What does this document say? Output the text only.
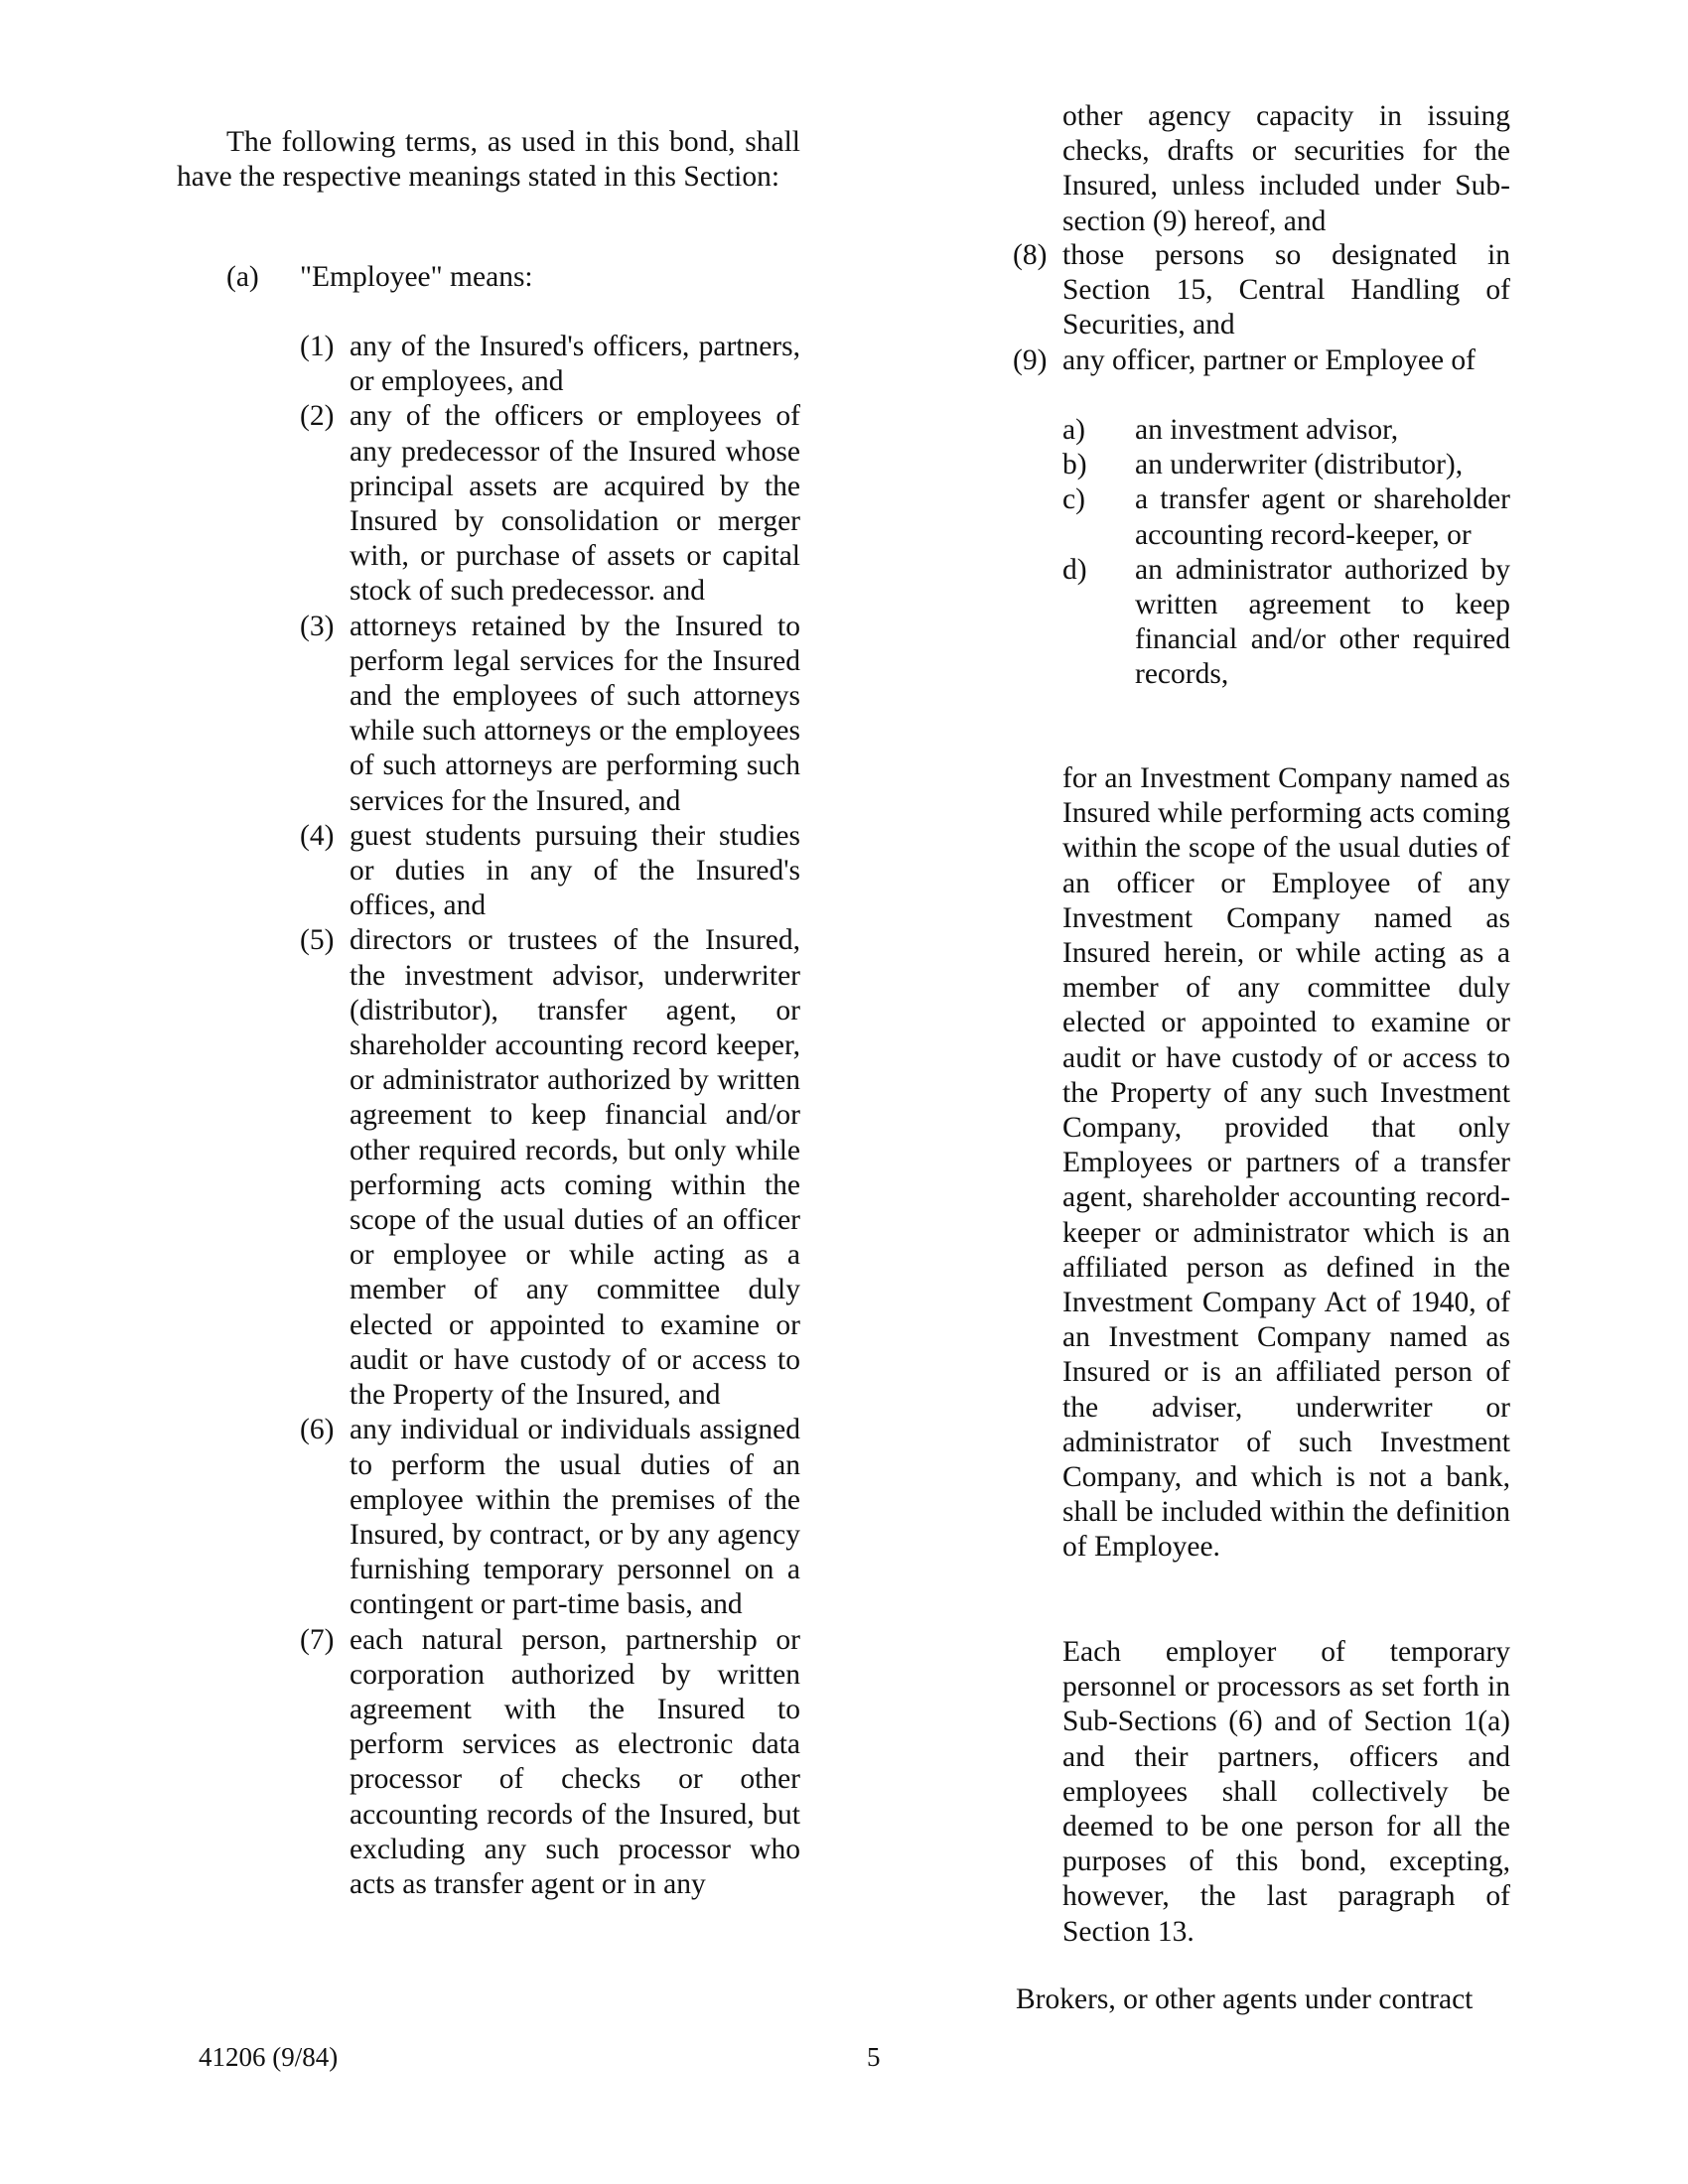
The following terms, as used in this bond, shall have the respective meanings stated in this Section:

(a) "Employee" means:
(1) any of the Insured's officers, partners, or employees, and
(2) any of the officers or employees of any predecessor of the Insured whose principal assets are acquired by the Insured by consolidation or merger with, or purchase of assets or capital stock of such predecessor. and
(3) attorneys retained by the Insured to perform legal services for the Insured and the employees of such attorneys while such attorneys or the employees of such attorneys are performing such services for the Insured, and
(4) guest students pursuing their studies or duties in any of the Insured's offices, and
(5) directors or trustees of the Insured, the investment advisor, underwriter (distributor), transfer agent, or shareholder accounting record keeper, or administrator authorized by written agreement to keep financial and/or other required records, but only while performing acts coming within the scope of the usual duties of an officer or employee or while acting as a member of any committee duly elected or appointed to examine or audit or have custody of or access to the Property of the Insured, and
(6) any individual or individuals assigned to perform the usual duties of an employee within the premises of the Insured, by contract, or by any agency furnishing temporary personnel on a contingent or part-time basis, and
(7) each natural person, partnership or corporation authorized by written agreement with the Insured to perform services as electronic data processor of checks or other accounting records of the Insured, but excluding any such processor who acts as transfer agent or in any

other agency capacity in issuing checks, drafts or securities for the Insured, unless included under Sub-section (9) hereof, and

(8) those persons so designated in Section 15, Central Handling of Securities, and
(9) any officer, partner or Employee of
a) an investment advisor,
b) an underwriter (distributor),
c) a transfer agent or shareholder accounting record-keeper, or
d) an administrator authorized by written agreement to keep financial and/or other required records,

for an Investment Company named as Insured while performing acts coming within the scope of the usual duties of an officer or Employee of any Investment Company named as Insured herein, or while acting as a member of any committee duly elected or appointed to examine or audit or have custody of or access to the Property of any such Investment Company, provided that only Employees or partners of a transfer agent, shareholder accounting record-keeper or administrator which is an affiliated person as defined in the Investment Company Act of 1940, of an Investment Company named as Insured or is an affiliated person of the adviser, underwriter or administrator of such Investment Company, and which is not a bank, shall be included within the definition of Employee.

Each employer of temporary personnel or processors as set forth in Sub-Sections (6) and of Section 1(a) and their partners, officers and employees shall collectively be deemed to be one person for all the purposes of this bond, excepting, however, the last paragraph of Section 13.

Brokers, or other agents under contract

41206 (9/84)	5
